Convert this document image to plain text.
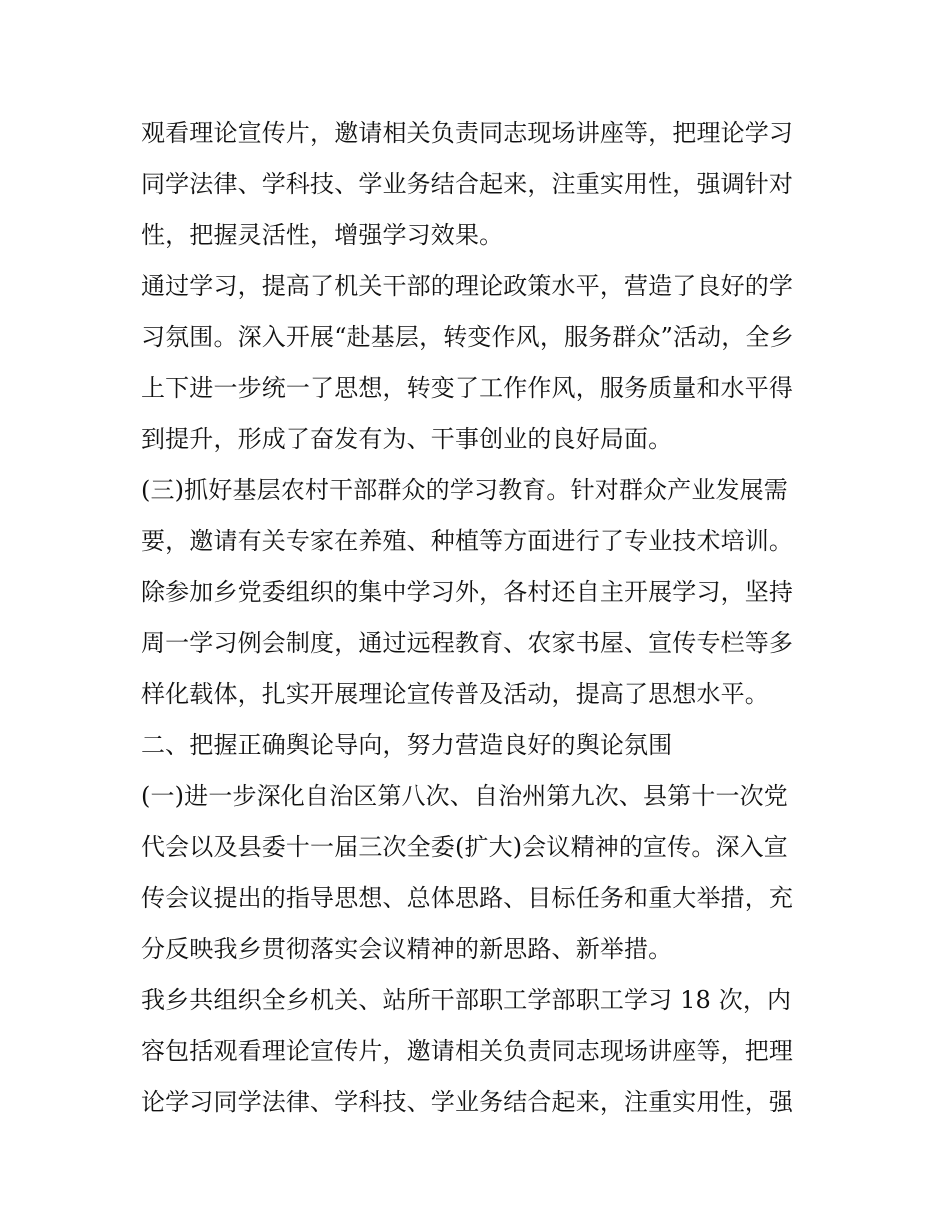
观看理论宣传片，邀请相关负责同志现场讲座等，把理论学习
同学法律、学科技、学业务结合起来，注重实用性，强调针对
性，把握灵活性，增强学习效果。
通过学习，提高了机关干部的理论政策水平，营造了良好的学
习氛围。深入开展“赴基层，转变作风，服务群众”活动，全乡
上下进一步统一了思想，转变了工作作风，服务质量和水平得
到提升，形成了奋发有为、干事创业的良好局面。
(三)抓好基层农村干部群众的学习教育。针对群众产业发展需
要，邀请有关专家在养殖、种植等方面进行了专业技术培训。
除参加乡党委组织的集中学习外，各村还自主开展学习，坚持
周一学习例会制度，通过远程教育、农家书屋、宣传专栏等多
样化载体，扎实开展理论宣传普及活动，提高了思想水平。
二、把握正确舆论导向，努力营造良好的舆论氛围
(一)进一步深化自治区第八次、自治州第九次、县第十一次党
代会以及县委十一届三次全委(扩大)会议精神的宣传。深入宣
传会议提出的指导思想、总体思路、目标任务和重大举措，充
分反映我乡贯彻落实会议精神的新思路、新举措。
我乡共组织全乡机关、站所干部职工学部职工学习 18 次，内
容包括观看理论宣传片，邀请相关负责同志现场讲座等，把理
论学习同学法律、学科技、学业务结合起来，注重实用性，强
